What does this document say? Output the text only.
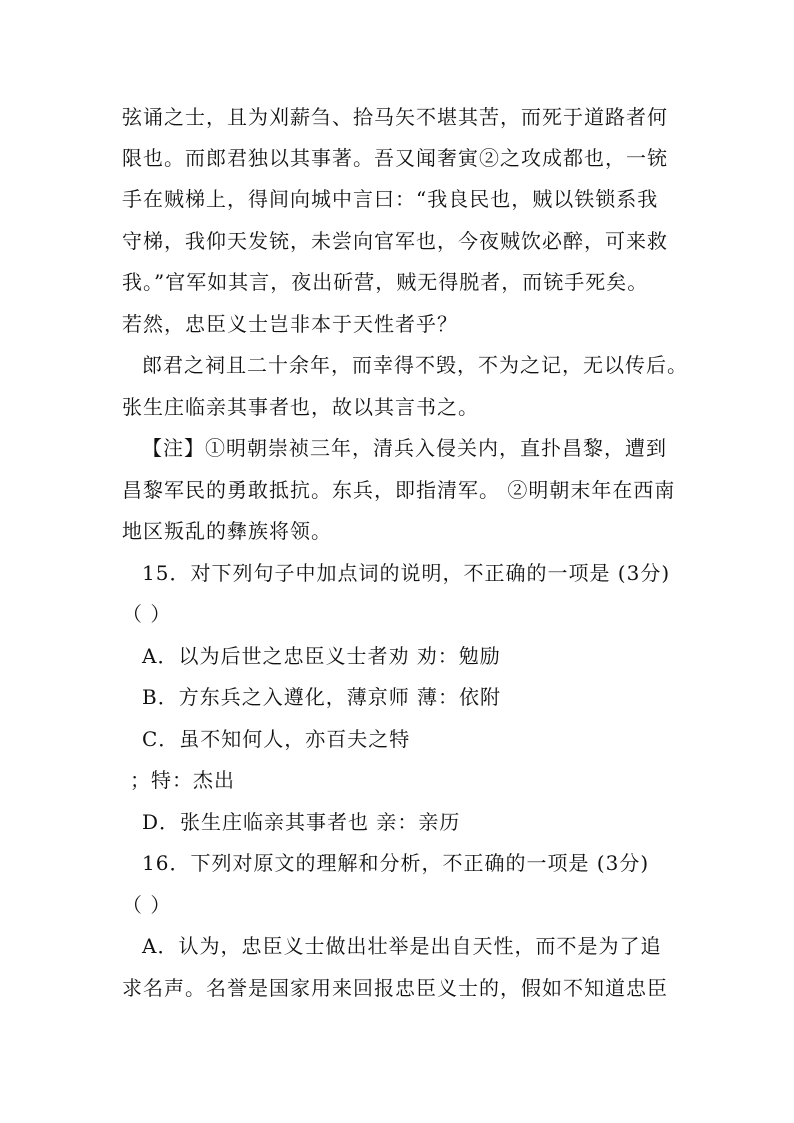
弦诵之士，且为刈薪刍、拾马矢不堪其苦，而死于道路者何
限也。而郎君独以其事著。吾又闻奢寅②之攻成都也，一铳
手在贼梯上，得间向城中言曰：“我良民也，贼以铁锁系我
守梯，我仰天发铳，未尝向官军也，今夜贼饮必醉，可来救
我。”官军如其言，夜出斫营，贼无得脱者，而铳手死矣。
若然，忠臣义士岂非本于天性者乎？
郎君之祠且二十余年，而幸得不毁，不为之记，无以传后。
张生庄临亲其事者也，故以其言书之。
【注】①明朝崇祯三年，清兵入侵关内，直扑昌黎，遭到
昌黎军民的勇敢抵抗。东兵，即指清军。 ②明朝末年在西南
地区叛乱的彝族将领。
15．对下列句子中加点词的说明，不正确的一项是 (3分)
（ ）
A．以为后世之忠臣义士者劝 劝：勉励
B．方东兵之入遵化，薄京师 薄：依附
C．虽不知何人，亦百夫之特
；特：杰出
D．张生庄临亲其事者也 亲：亲历
16．下列对原文的理解和分析，不正确的一项是 (3分)
（ ）
A．认为，忠臣义士做出壮举是出自天性，而不是为了追
求名声。名誉是国家用来回报忠臣义士的，假如不知道忠臣
